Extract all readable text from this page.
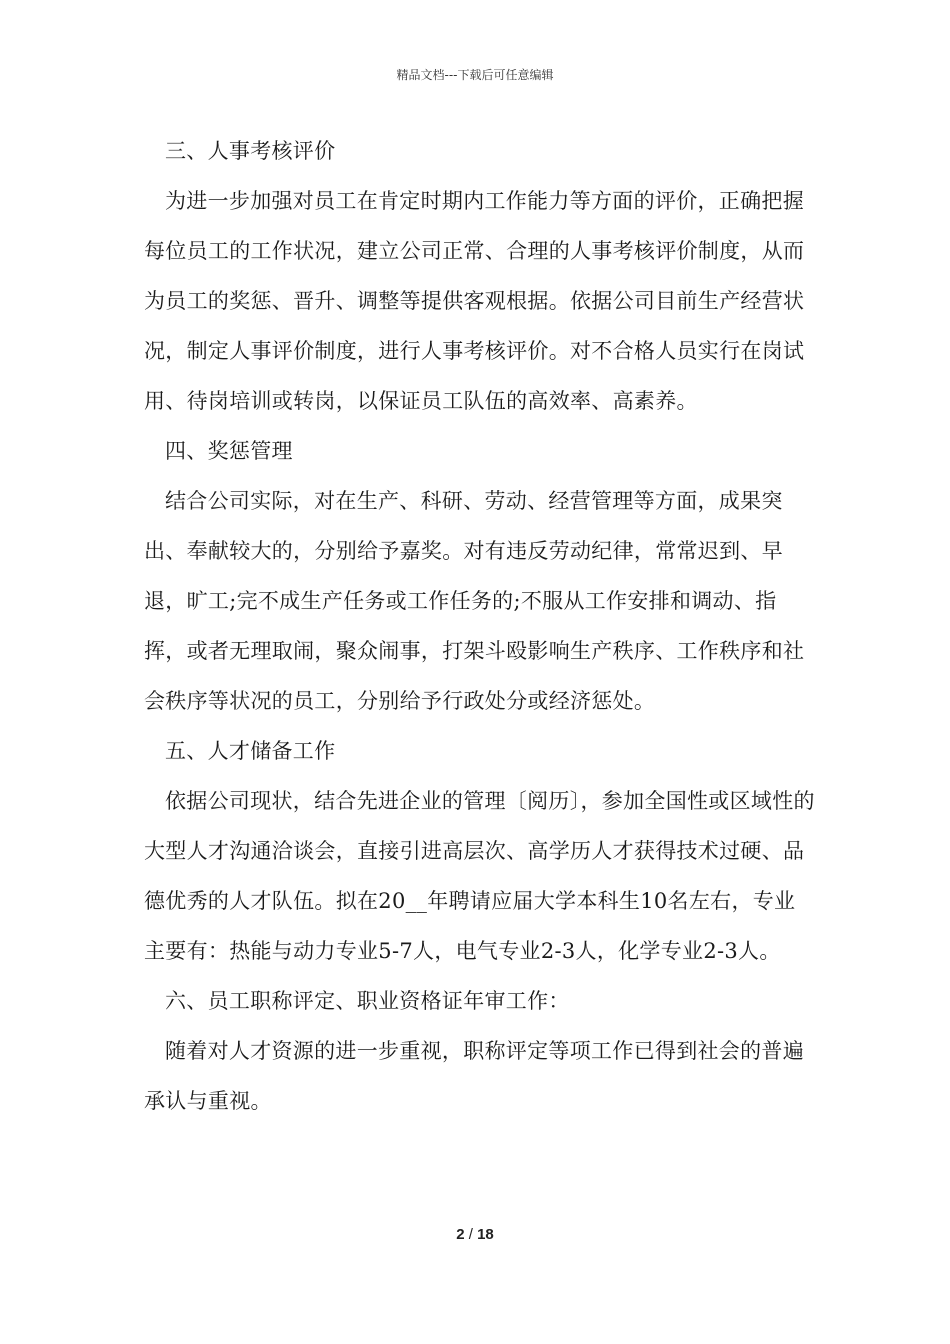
精品文档---下载后可任意编辑

三、人事考核评价

为进一步加强对员工在肯定时期内工作能力等方面的评价，正确把握每位员工的工作状况，建立公司正常、合理的人事考核评价制度，从而为员工的奖惩、晋升、调整等提供客观根据。依据公司目前生产经营状况，制定人事评价制度，进行人事考核评价。对不合格人员实行在岗试用、待岗培训或转岗，以保证员工队伍的高效率、高素养。

四、奖惩管理

结合公司实际，对在生产、科研、劳动、经营管理等方面，成果突出、奉献较大的，分别给予嘉奖。对有违反劳动纪律，常常迟到、早退，旷工;完不成生产任务或工作任务的;不服从工作安排和调动、指挥，或者无理取闹，聚众闹事，打架斗殴影响生产秩序、工作秩序和社会秩序等状况的员工，分别给予行政处分或经济惩处。

五、人才储备工作

依据公司现状，结合先进企业的管理〔阅历〕，参加全国性或区域性的大型人才沟通洽谈会，直接引进高层次、高学历人才获得技术过硬、品德优秀的人才队伍。拟在20__年聘请应届大学本科生10名左右，专业主要有：热能与动力专业5-7人，电气专业2-3人，化学专业2-3人。

六、员工职称评定、职业资格证年审工作：

随着对人才资源的进一步重视，职称评定等项工作已得到社会的普遍承认与重视。

2 / 18
